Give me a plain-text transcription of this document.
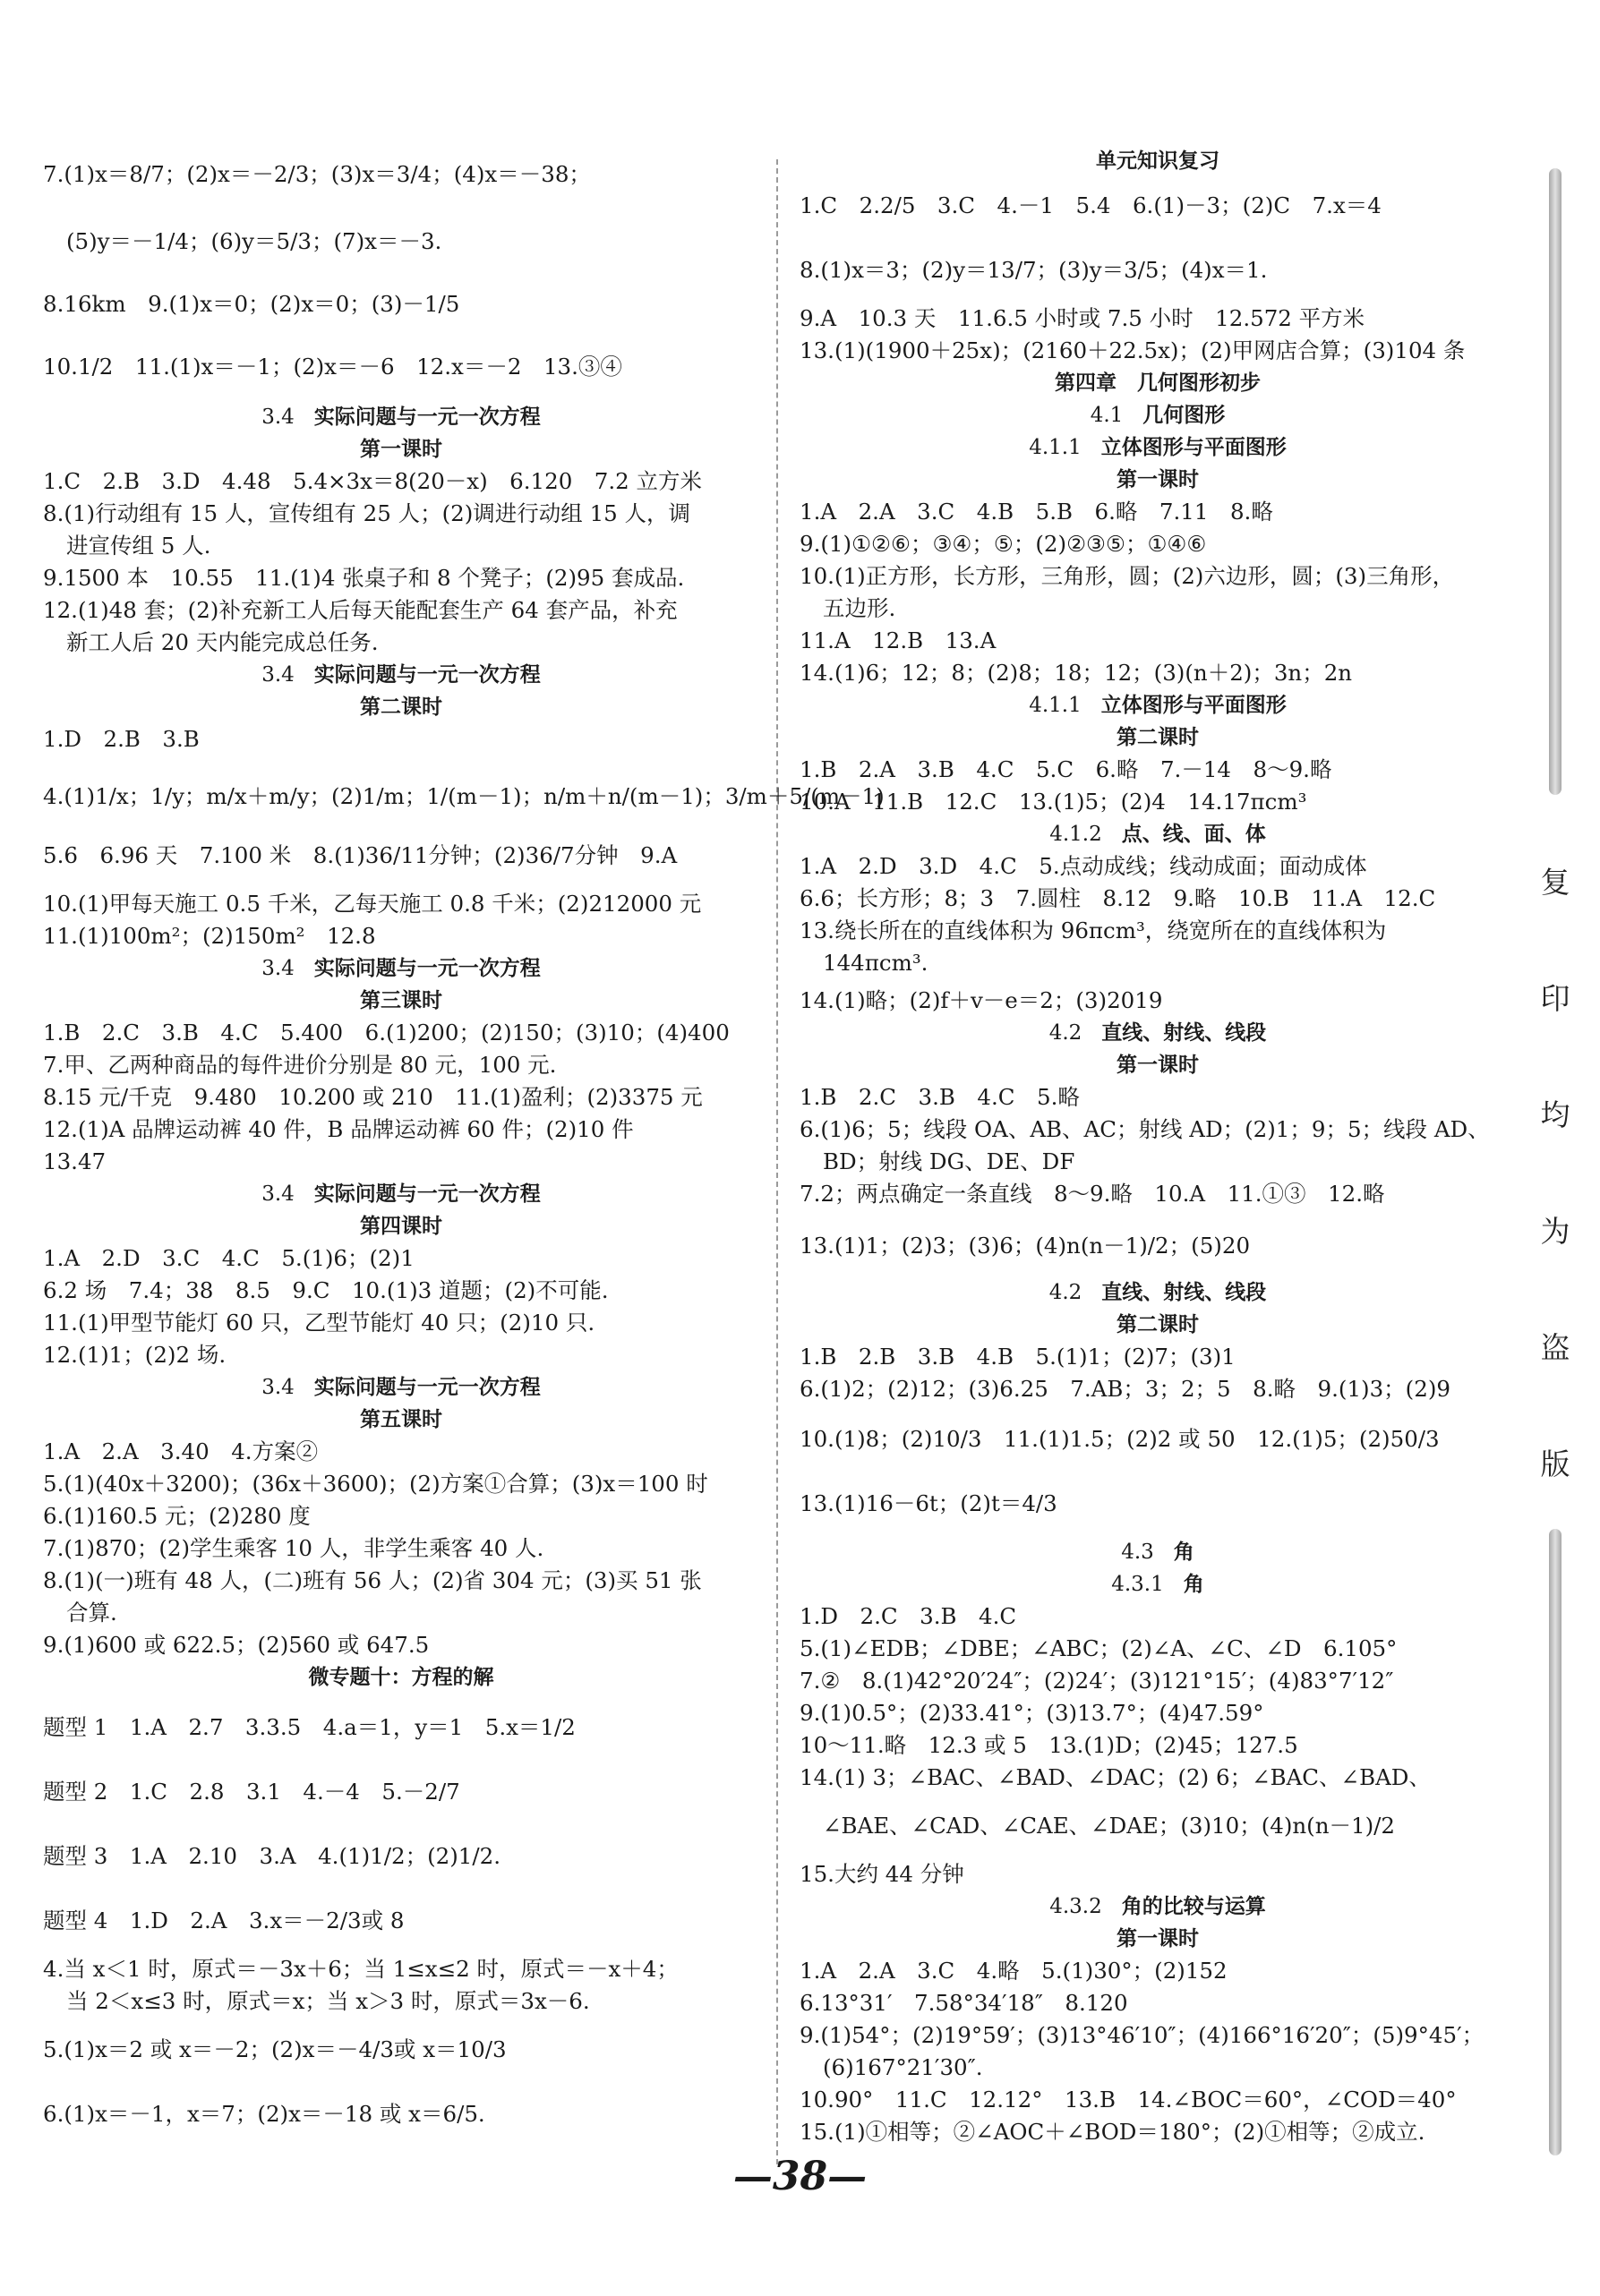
7.(1)x＝8/7；(2)x＝－2/3；(3)x＝3/4；(4)x＝－38；
(5)y＝－1/4；(6)y＝5/3；(7)x＝－3.
8.16km　9.(1)x＝0；(2)x＝0；(3)－1/5
10.1/2　11.(1)x＝－1；(2)x＝－6　12.x＝－2　13.③④
3.4 实际问题与一元一次方程
第一课时
1.C　2.B　3.D　4.48　5.4×3x＝8(20－x)　6.120　7.2 立方米
8.(1)行动组有 15 人，宣传组有 25 人；(2)调进行动组 15 人，调
进宣传组 5 人.
9.1500 本　10.55　11.(1)4 张桌子和 8 个凳子；(2)95 套成品.
12.(1)48 套；(2)补充新工人后每天能配套生产 64 套产品，补充
新工人后 20 天内能完成总任务.
3.4 实际问题与一元一次方程
第二课时
1.D　2.B　3.B
4.(1)1/x；1/y；m/x＋m/y；(2)1/m；1/(m－1)；n/m＋n/(m－1)；3/m＋5/(m－1)
5.6　6.96 天　7.100 米　8.(1)36/11分钟；(2)36/7分钟　9.A
10.(1)甲每天施工 0.5 千米，乙每天施工 0.8 千米；(2)212000 元
11.(1)100m²；(2)150m²　12.8
3.4 实际问题与一元一次方程
第三课时
1.B　2.C　3.B　4.C　5.400　6.(1)200；(2)150；(3)10；(4)400
7.甲、乙两种商品的每件进价分别是 80 元，100 元.
8.15 元/千克　9.480　10.200 或 210　11.(1)盈利；(2)3375 元
12.(1)A 品牌运动裤 40 件，B 品牌运动裤 60 件；(2)10 件
13.47
3.4 实际问题与一元一次方程
第四课时
1.A　2.D　3.C　4.C　5.(1)6；(2)1
6.2 场　7.4；38　8.5　9.C　10.(1)3 道题；(2)不可能.
11.(1)甲型节能灯 60 只，乙型节能灯 40 只；(2)10 只.
12.(1)1；(2)2 场.
3.4 实际问题与一元一次方程
第五课时
1.A　2.A　3.40　4.方案②
5.(1)(40x＋3200)；(36x＋3600)；(2)方案①合算；(3)x＝100 时
6.(1)160.5 元；(2)280 度
7.(1)870；(2)学生乘客 10 人，非学生乘客 40 人.
8.(1)(一)班有 48 人，(二)班有 56 人；(2)省 304 元；(3)买 51 张
合算.
9.(1)600 或 622.5；(2)560 或 647.5
微专题十：方程的解
题型 1　1.A　2.7　3.3.5　4.a＝1，y＝1　5.x＝1/2
题型 2　1.C　2.8　3.1　4.－4　5.－2/7
题型 3　1.A　2.10　3.A　4.(1)1/2；(2)1/2.
题型 4　1.D　2.A　3.x＝－2/3或 8
4.当 x＜1 时，原式＝－3x＋6；当 1≤x≤2 时，原式＝－x＋4；
当 2＜x≤3 时，原式＝x；当 x＞3 时，原式＝3x－6.
5.(1)x＝2 或 x＝－2；(2)x＝－4/3或 x＝10/3
6.(1)x＝－1，x＝7；(2)x＝－18 或 x＝6/5.
单元知识复习
1.C　2.2/5　3.C　4.－1　5.4　6.(1)－3；(2)C　7.x＝4
8.(1)x＝3；(2)y＝13/7；(3)y＝3/5；(4)x＝1.
9.A　10.3 天　11.6.5 小时或 7.5 小时　12.572 平方米
13.(1)(1900＋25x)；(2160＋22.5x)；(2)甲网店合算；(3)104 条
第四章　几何图形初步
4.1 几何图形
4.1.1 立体图形与平面图形
第一课时
1.A　2.A　3.C　4.B　5.B　6.略　7.11　8.略
9.(1)①②⑥；③④；⑤；(2)②③⑤；①④⑥
10.(1)正方形，长方形，三角形，圆；(2)六边形，圆；(3)三角形，
五边形.
11.A　12.B　13.A
14.(1)6；12；8；(2)8；18；12；(3)(n＋2)；3n；2n
4.1.1 立体图形与平面图形
第二课时
1.B　2.A　3.B　4.C　5.C　6.略　7.－14　8～9.略
10.A　11.B　12.C　13.(1)5；(2)4　14.17πcm³
4.1.2 点、线、面、体
1.A　2.D　3.D　4.C　5.点动成线；线动成面；面动成体
6.6；长方形；8；3　7.圆柱　8.12　9.略　10.B　11.A　12.C
13.绕长所在的直线体积为 96πcm³，绕宽所在的直线体积为
144πcm³.
14.(1)略；(2)f＋v－e＝2；(3)2019
4.2 直线、射线、线段
第一课时
1.B　2.C　3.B　4.C　5.略
6.(1)6；5；线段 OA、AB、AC；射线 AD；(2)1；9；5；线段 AD、
BD；射线 DG、DE、DF
7.2；两点确定一条直线　8～9.略　10.A　11.①③　12.略
13.(1)1；(2)3；(3)6；(4)n(n－1)/2；(5)20
4.2 直线、射线、线段
第二课时
1.B　2.B　3.B　4.B　5.(1)1；(2)7；(3)1
6.(1)2；(2)12；(3)6.25　7.AB；3；2；5　8.略　9.(1)3；(2)9
10.(1)8；(2)10/3　11.(1)1.5；(2)2 或 50　12.(1)5；(2)50/3
13.(1)16－6t；(2)t＝4/3
4.3 角
4.3.1 角
1.D　2.C　3.B　4.C
5.(1)∠EDB；∠DBE；∠ABC；(2)∠A、∠C、∠D　6.105°
7.②　8.(1)42°20′24″；(2)24′；(3)121°15′；(4)83°7′12″
9.(1)0.5°；(2)33.41°；(3)13.7°；(4)47.59°
10～11.略　12.3 或 5　13.(1)D；(2)45；127.5
14.(1) 3；∠BAC、∠BAD、∠DAC；(2) 6；∠BAC、∠BAD、
∠BAE、∠CAD、∠CAE、∠DAE；(3)10；(4)n(n－1)/2
15.大约 44 分钟
4.3.2 角的比较与运算
第一课时
1.A　2.A　3.C　4.略　5.(1)30°；(2)152
6.13°31′　7.58°34′18″　8.120
9.(1)54°；(2)19°59′；(3)13°46′10″；(4)166°16′20″；(5)9°45′；
(6)167°21′30″.
10.90°　11.C　12.12°　13.B　14.∠BOC＝60°，∠COD＝40°
15.(1)①相等；②∠AOC＋∠BOD＝180°；(2)①相等；②成立.
复
印
均
为
盗
版
—38—
